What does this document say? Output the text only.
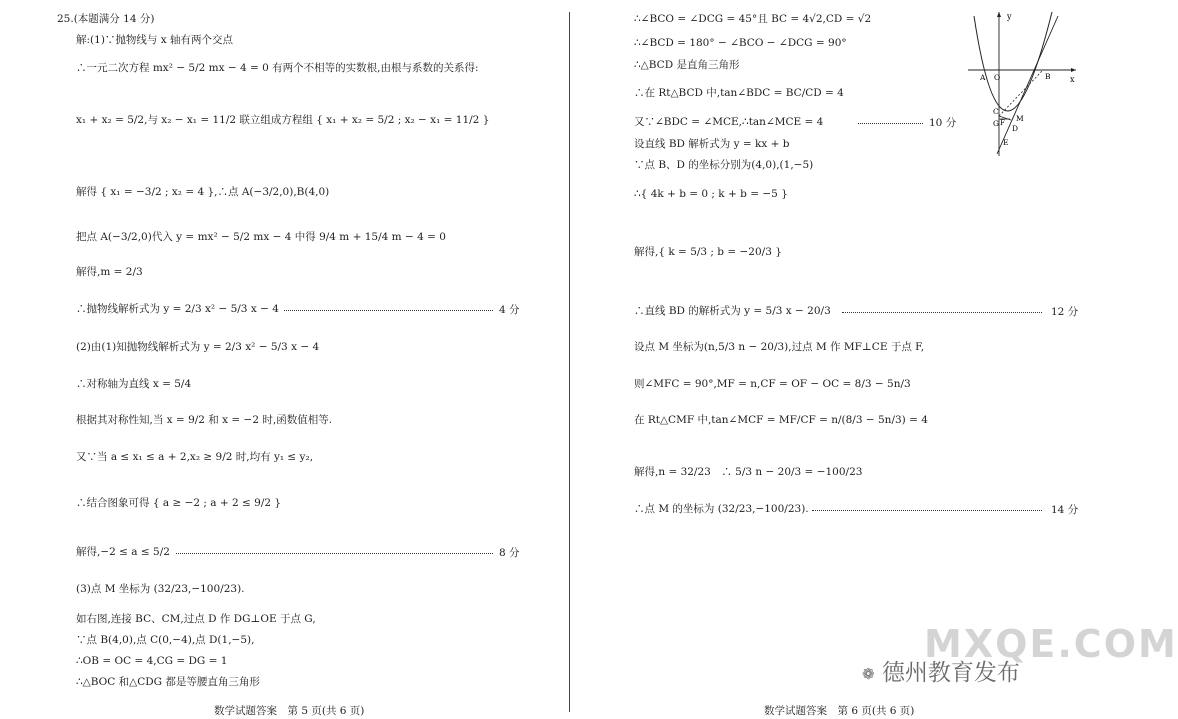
25.(本题满分 14 分)
解:(1)∵抛物线与 x 轴有两个交点
∴一元二次方程 mx² − 5/2 mx − 4 = 0 有两个不相等的实数根,由根与系数的关系得:
x₁ + x₂ = 5/2,与 x₂ − x₁ = 11/2 联立组成方程组 { x₁ + x₂ = 5/2 ; x₂ − x₁ = 11/2 }
解得 { x₁ = −3/2 ; x₂ = 4 },∴点 A(−3/2,0),B(4,0)
把点 A(−3/2,0)代入 y = mx² − 5/2 mx − 4 中得 9/4 m + 15/4 m − 4 = 0
解得,m = 2/3
∴抛物线解析式为 y = 2/3 x² − 5/3 x − 4	4 分
(2)由(1)知抛物线解析式为 y = 2/3 x² − 5/3 x − 4
∴对称轴为直线 x = 5/4
根据其对称性知,当 x = 9/2 和 x = −2 时,函数值相等.
又∵当 a ≤ x₁ ≤ a + 2,x₂ ≥ 9/2 时,均有 y₁ ≤ y₂,
∴结合图象可得 { a ≥ −2 ; a + 2 ≤ 9/2 }
解得,−2 ≤ a ≤ 5/2	8 分
(3)点 M 坐标为 (32/23,−100/23).
如右图,连接 BC、CM,过点 D 作 DG⊥OE 于点 G,
∵点 B(4,0),点 C(0,−4),点 D(1,−5),
∴OB = OC = 4,CG = DG = 1
∴△BOC 和△CDG 都是等腰直角三角形
数学试题答案　第 5 页(共 6 页)
∴∠BCO = ∠DCG = 45°且 BC = 4√2,CD = √2
∴∠BCD = 180° − ∠BCO − ∠DCG = 90°
∴△BCD 是直角三角形
∴在 Rt△BCD 中,tan∠BDC = BC/CD = 4
又∵∠BDC = ∠MCE,∴tan∠MCE = 4	10 分
设直线 BD 解析式为 y = kx + b
∵点 B、D 的坐标分别为(4,0),(1,−5)
∴{ 4k + b = 0 ; k + b = −5 }
解得,{ k = 5/3 ; b = −20/3 }
∴直线 BD 的解析式为 y = 5/3 x − 20/3	12 分
设点 M 坐标为(n,5/3 n − 20/3),过点 M 作 MF⊥CE 于点 F,
则∠MFC = 90°,MF = n,CF = OF − OC = 8/3 − 5n/3
在 Rt△CMF 中,tan∠MCF = MF/CF = n/(8/3 − 5n/3) = 4
解得,n = 32/23　∴ 5/3 n − 20/3 = −100/23
∴点 M 的坐标为 (32/23,−100/23).	14 分
数学试题答案　第 6 页(共 6 页)
y
x
A O	B
C
G
M
D
F
E
❁ 德州教育发布
MXQE.COM
